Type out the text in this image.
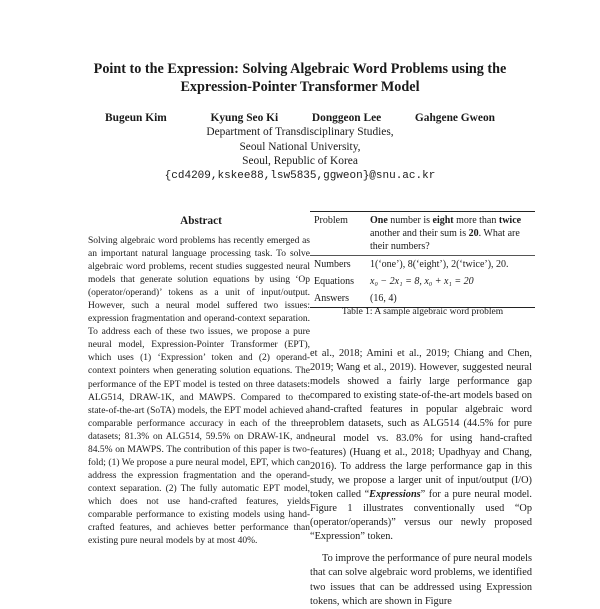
Point to the Expression: Solving Algebraic Word Problems using the
Expression-Pointer Transformer Model
Bugeun Kim	Kyung Seo Ki	Donggeon Lee	Gahgene Gweon
Department of Transdisciplinary Studies,
Seoul National University,
Seoul, Republic of Korea
{cd4209,kskee88,lsw5835,ggweon}@snu.ac.kr
Abstract
Solving algebraic word problems has recently emerged as an important natural language processing task. To solve algebraic word problems, recent studies suggested neural models that generate solution equations by using ‘Op (operator/operand)’ tokens as a unit of input/output. However, such a neural model suffered two issues: expression fragmentation and operand-context separation. To address each of these two issues, we propose a pure neural model, Expression-Pointer Transformer (EPT), which uses (1) ‘Expression’ token and (2) operand-context pointers when generating solution equations. The performance of the EPT model is tested on three datasets: ALG514, DRAW-1K, and MAWPS. Compared to the state-of-the-art (SoTA) models, the EPT model achieved a comparable performance accuracy in each of the three datasets; 81.3% on ALG514, 59.5% on DRAW-1K, and 84.5% on MAWPS. The contribution of this paper is two-fold; (1) We propose a pure neural model, EPT, which can address the expression fragmentation and the operand-context separation. (2) The fully automatic EPT model, which does not use hand-crafted features, yields comparable performance to existing models using hand-crafted features, and achieves better performance than existing pure neural models by at most 40%.
Problem	One number is eight more than twice another and their sum is 20. What are their numbers?
Numbers	1(‘one’), 8(‘eight’), 2(‘twice’), 20.
Equations	x₀ − 2x₁ = 8, x₀ + x₁ = 20
Answers	(16, 4)
Table 1: A sample algebraic word problem

et al., 2018; Amini et al., 2019; Chiang and Chen, 2019; Wang et al., 2019). However, suggested neural models showed a fairly large performance gap compared to existing state-of-the-art models based on hand-crafted features in popular algebraic word problem datasets, such as ALG514 (44.5% for pure neural model vs. 83.0% for using hand-crafted features) (Huang et al., 2018; Upadhyay and Chang, 2016). To address the large performance gap in this study, we propose a larger unit of input/output (I/O) token called “Expressions” for a pure neural model. Figure 1 illustrates conventionally used “Op (operator/operands)” versus our newly proposed “Expression” token.

To improve the performance of pure neural models that can solve algebraic word problems, we identified two issues that can be addressed using Expression tokens, which are shown in Figure
